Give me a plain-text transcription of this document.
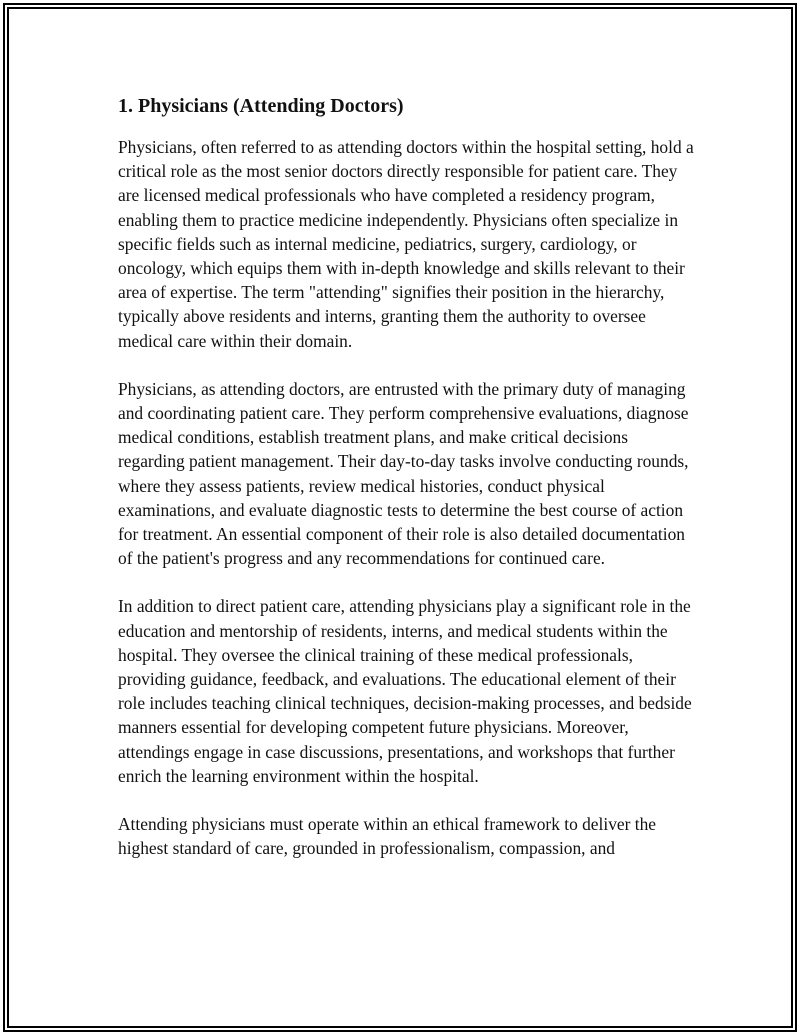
1. Physicians (Attending Doctors)

Physicians, often referred to as attending doctors within the hospital setting, hold a critical role as the most senior doctors directly responsible for patient care. They are licensed medical professionals who have completed a residency program, enabling them to practice medicine independently. Physicians often specialize in specific fields such as internal medicine, pediatrics, surgery, cardiology, or oncology, which equips them with in-depth knowledge and skills relevant to their area of expertise. The term "attending" signifies their position in the hierarchy, typically above residents and interns, granting them the authority to oversee medical care within their domain.

Physicians, as attending doctors, are entrusted with the primary duty of managing and coordinating patient care. They perform comprehensive evaluations, diagnose medical conditions, establish treatment plans, and make critical decisions regarding patient management. Their day-to-day tasks involve conducting rounds, where they assess patients, review medical histories, conduct physical examinations, and evaluate diagnostic tests to determine the best course of action for treatment. An essential component of their role is also detailed documentation of the patient's progress and any recommendations for continued care.

In addition to direct patient care, attending physicians play a significant role in the education and mentorship of residents, interns, and medical students within the hospital. They oversee the clinical training of these medical professionals, providing guidance, feedback, and evaluations. The educational element of their role includes teaching clinical techniques, decision-making processes, and bedside manners essential for developing competent future physicians. Moreover, attendings engage in case discussions, presentations, and workshops that further enrich the learning environment within the hospital.

Attending physicians must operate within an ethical framework to deliver the highest standard of care, grounded in professionalism, compassion, and
